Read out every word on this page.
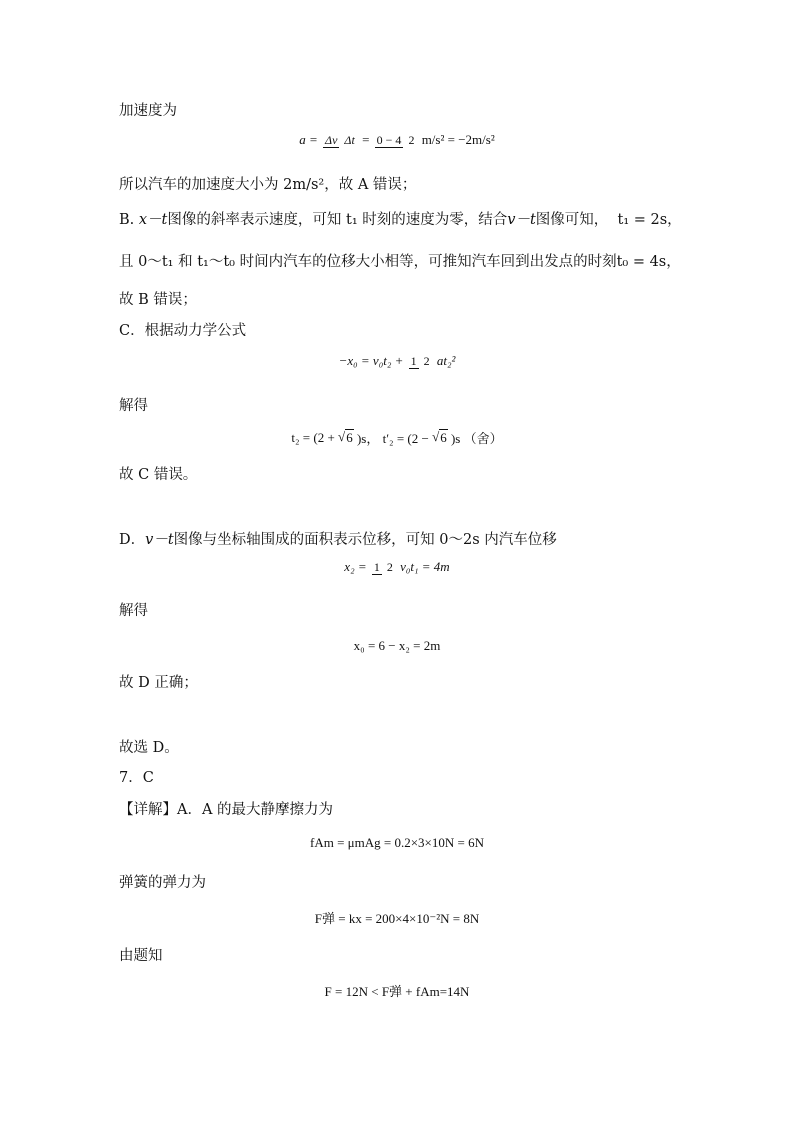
加速度为
a = Δv Δt = 0 − 4 2 m/s² = −2m/s²
所以汽车的加速度大小为 2m/s²，故 A 错误；
B. x－t图像的斜率表示速度，可知 t₁ 时刻的速度为零，结合v－t图像可知， t₁ = 2s，
且 0～t₁ 和 t₁～t₀ 时间内汽车的位移大小相等，可推知汽车回到出发点的时刻t₀ = 4s，
故 B 错误；
C．根据动力学公式
−x₀ = v₀t₂ + 1 2 at₂²
解得
t₂ = (2 + √ 6 )s， t′₂ = (2 − √ 6 )s （舍）
故 C 错误。
D．v－t图像与坐标轴围成的面积表示位移，可知 0～2s 内汽车位移
x₂ = 1 2 v₀t₁ = 4m
解得
x₀ = 6 − x₂ = 2m
故 D 正确；
故选 D。
7．C
【详解】A．A 的最大静摩擦力为
fAm = μmAg = 0.2×3×10N = 6N
弹簧的弹力为
F弹 = kx = 200×4×10⁻²N = 8N
由题知
F = 12N < F弹 + fAm=14N
